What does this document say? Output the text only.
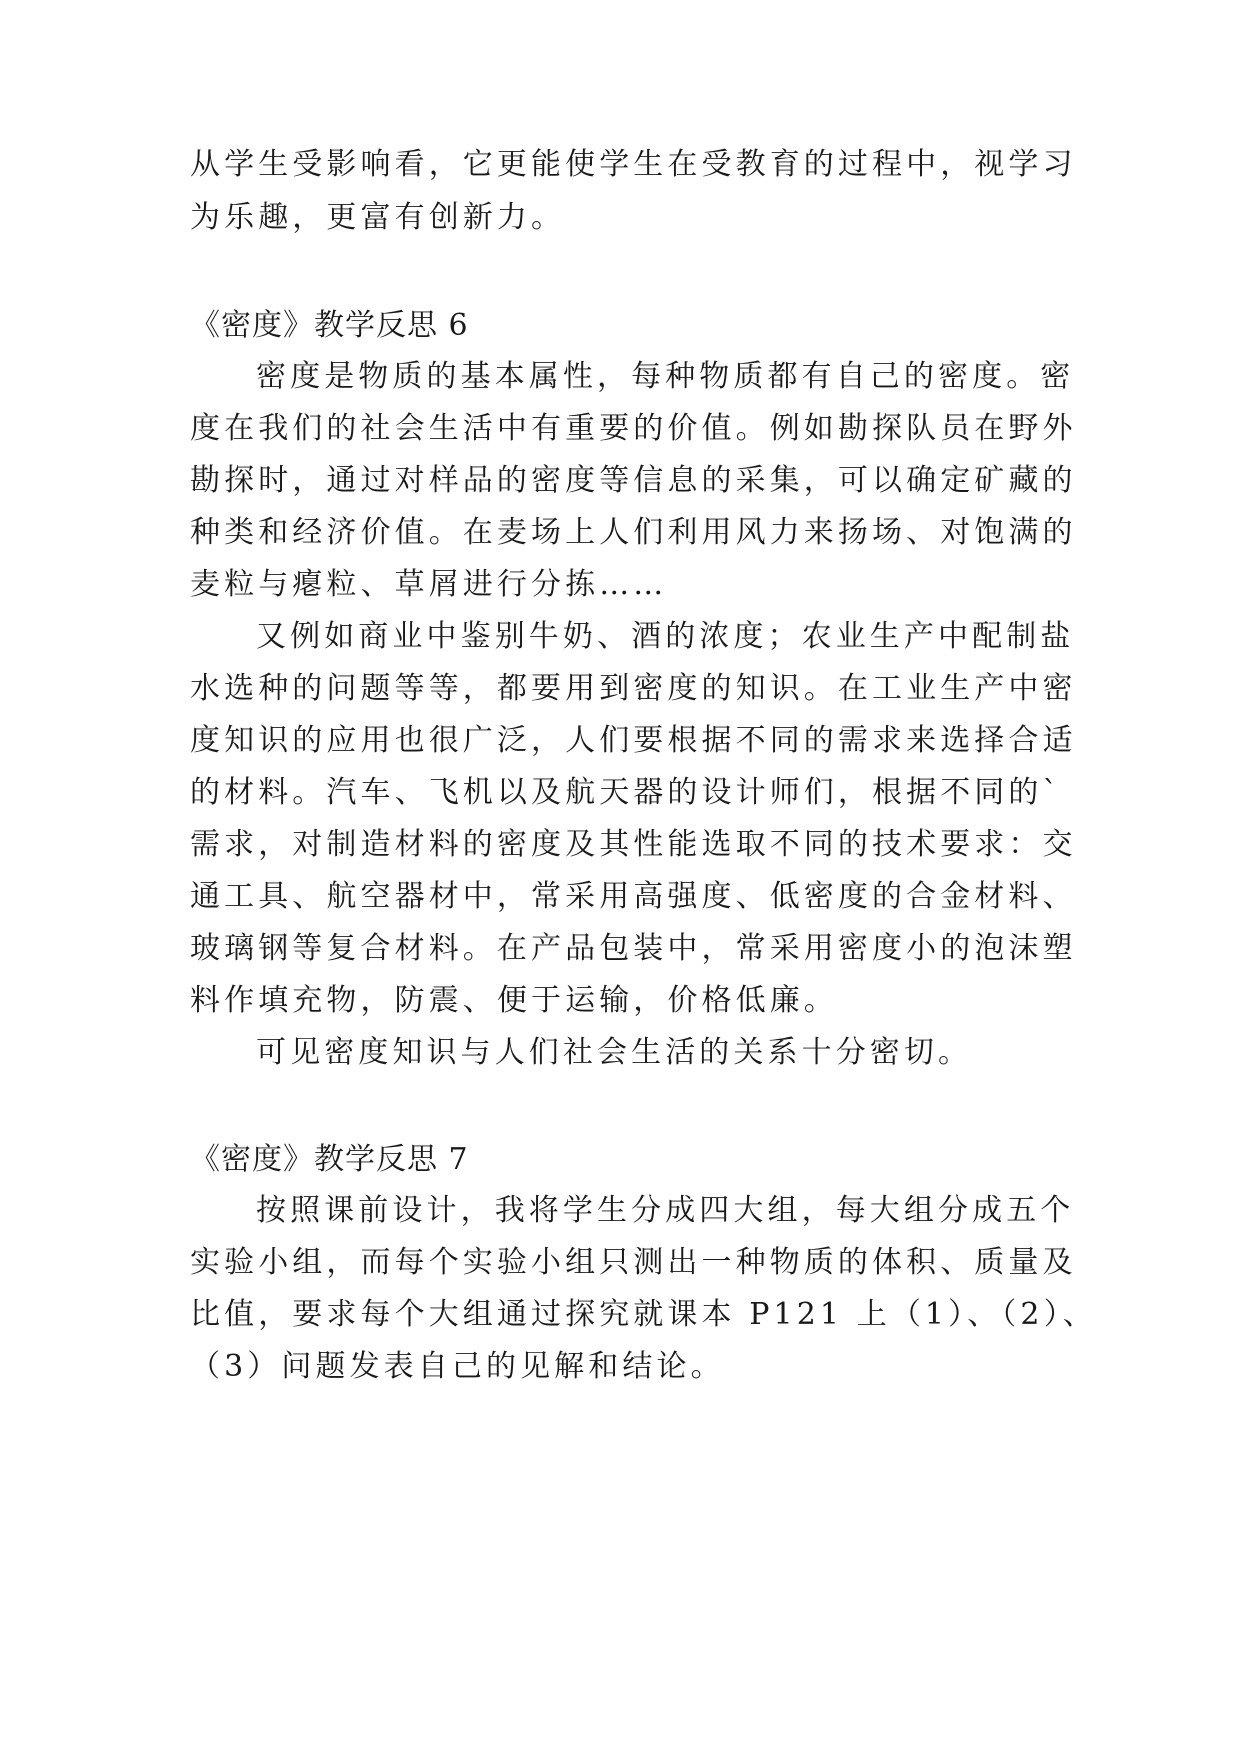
从学生受影响看，它更能使学生在受教育的过程中，视学习
为乐趣，更富有创新力。
《密度》教学反思 6
密度是物质的基本属性，每种物质都有自己的密度。密
度在我们的社会生活中有重要的价值。例如勘探队员在野外
勘探时，通过对样品的密度等信息的采集，可以确定矿藏的
种类和经济价值。在麦场上人们利用风力来扬场、对饱满的
麦粒与瘪粒、草屑进行分拣……
又例如商业中鉴别牛奶、酒的浓度；农业生产中配制盐
水选种的问题等等，都要用到密度的知识。在工业生产中密
度知识的应用也很广泛，人们要根据不同的需求来选择合适
的材料。汽车、飞机以及航天器的设计师们，根据不同的`
需求，对制造材料的密度及其性能选取不同的技术要求：交
通工具、航空器材中，常采用高强度、低密度的合金材料、
玻璃钢等复合材料。在产品包装中，常采用密度小的泡沫塑
料作填充物，防震、便于运输，价格低廉。
可见密度知识与人们社会生活的关系十分密切。
《密度》教学反思 7
按照课前设计，我将学生分成四大组，每大组分成五个
实验小组，而每个实验小组只测出一种物质的体积、质量及
比值，要求每个大组通过探究就课本 P121 上（1）、（2）、
（3）问题发表自己的见解和结论。
